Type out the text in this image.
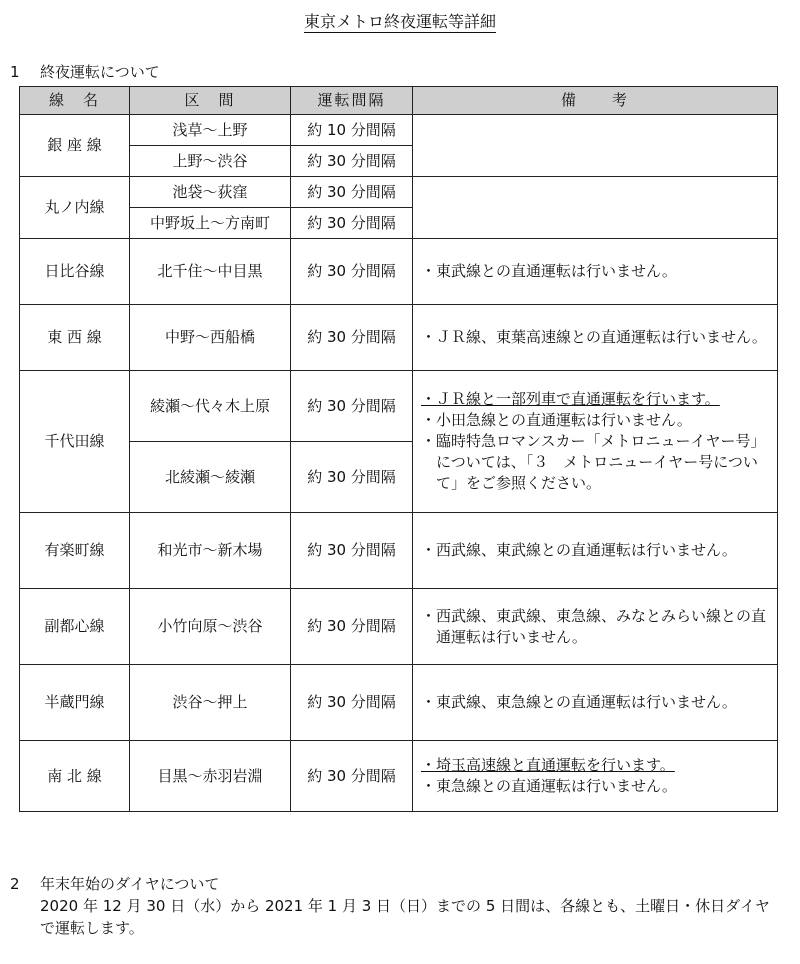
東京メトロ終夜運転等詳細
1 終夜運転について
線　名	区　間	運転間隔	備　　考
銀 座 線	浅草〜上野	約 10 分間隔	
	上野〜渋谷	約 30 分間隔	
丸ノ内線	池袋〜荻窪	約 30 分間隔	
	中野坂上〜方南町	約 30 分間隔	
日比谷線	北千住〜中目黒	約 30 分間隔	・東武線との直通運転は行いません。

東 西 線	中野〜西船橋	約 30 分間隔	・ＪＲ線、東葉高速線との直通運転は行いません。

千代田線	綾瀬〜代々木上原	約 30 分間隔	・ＪＲ線と一部列車で直通運転を行います。
・小田急線との直通運転は行いません。
・臨時特急ロマンスカー「メトロニューイヤー号」については、「３　メトロニューイヤー号について」をご参照ください。

	北綾瀬〜綾瀬	約 30 分間隔	
有楽町線	和光市〜新木場	約 30 分間隔	・西武線、東武線との直通運転は行いません。

副都心線	小竹向原〜渋谷	約 30 分間隔	・西武線、東武線、東急線、みなとみらい線との直通運転は行いません。

半蔵門線	渋谷〜押上	約 30 分間隔	・東武線、東急線との直通運転は行いません。

南 北 線	目黒〜赤羽岩淵	約 30 分間隔	・埼玉高速線と直通運転を行います。
・東急線との直通運転は行いません。
2 年末年始のダイヤについて

2020 年 12 月 30 日（水）から 2021 年 1 月 3 日（日）までの 5 日間は、各線とも、土曜日・休日ダイヤで運転します。
